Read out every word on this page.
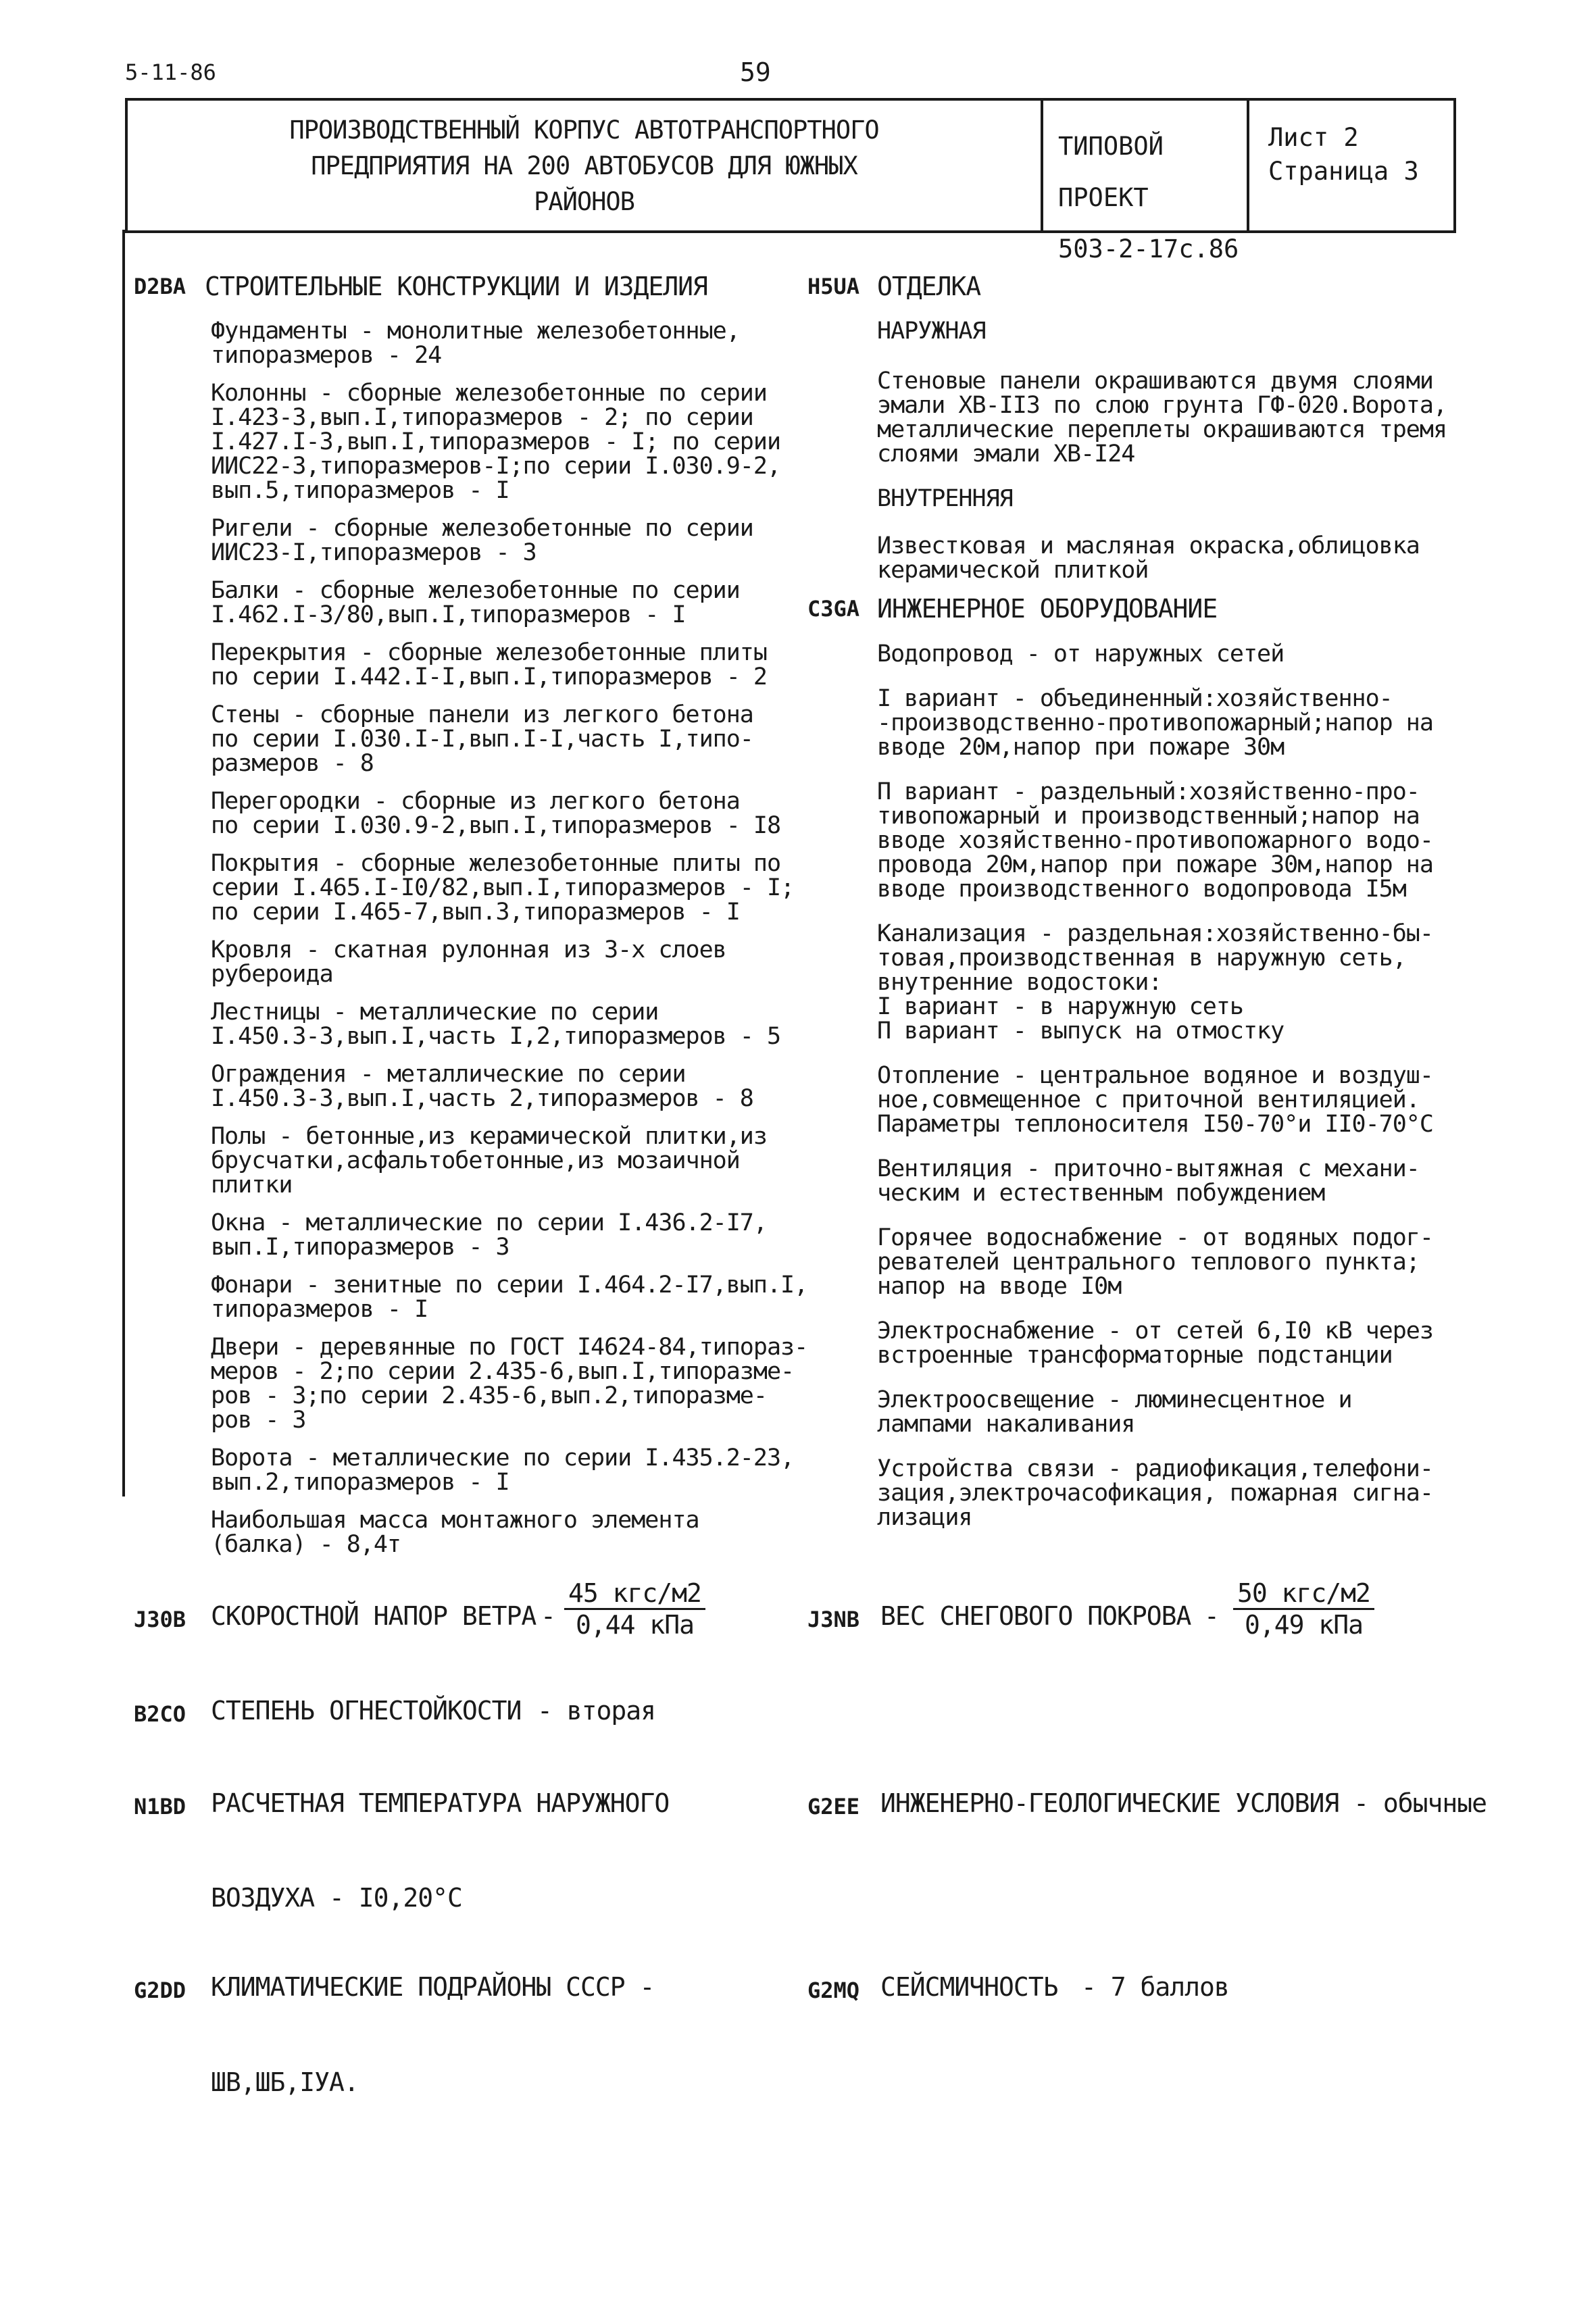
5-11-86	59
ПРОИЗВОДСТВЕННЫЙ КОРПУС АВТОТРАНСПОРТНОГО
ПРЕДПРИЯТИЯ НА 200 АВТОБУСОВ ДЛЯ ЮЖНЫХ
РАЙОНОВ
ТИПОВОЙ ПРОЕКТ
503-2-17с.86
Лист 2
Страница 3
D2BA СТРОИТЕЛЬНЫЕ КОНСТРУКЦИИ И ИЗДЕЛИЯ
Фундаменты - монолитные железобетонные,
типоразмеров - 24
Колонны - сборные железобетонные по серии
I.423-3,вып.I,типоразмеров - 2; по серии
I.427.I-3,вып.I,типоразмеров - I; по серии
ИИС22-3,типоразмеров-I;по серии I.030.9-2,
вып.5,типоразмеров - I
Ригели - сборные железобетонные по серии
ИИС23-I,типоразмеров - 3
Балки - сборные железобетонные по серии
I.462.I-3/80,вып.I,типоразмеров - I
Перекрытия - сборные железобетонные плиты
по серии I.442.I-I,вып.I,типоразмеров - 2
Стены - сборные панели из легкого бетона
по серии I.030.I-I,вып.I-I,часть I,типо-
размеров - 8
Перегородки - сборные из легкого бетона
по серии I.030.9-2,вып.I,типоразмеров - I8
Покрытия - сборные железобетонные плиты по
серии I.465.I-I0/82,вып.I,типоразмеров - I;
по серии I.465-7,вып.3,типоразмеров - I
Кровля - скатная рулонная из 3-х слоев
рубероида
Лестницы - металлические по серии
I.450.3-3,вып.I,часть I,2,типоразмеров - 5
Ограждения - металлические по серии
I.450.3-3,вып.I,часть 2,типоразмеров - 8
Полы - бетонные,из керамической плитки,из
брусчатки,асфальтобетонные,из мозаичной
плитки
Окна - металлические по серии I.436.2-I7,
вып.I,типоразмеров - 3
Фонари - зенитные по серии I.464.2-I7,вып.I,
типоразмеров - I
Двери - деревянные по ГОСТ I4624-84,типораз-
меров - 2;по серии 2.435-6,вып.I,типоразме-
ров - 3;по серии 2.435-6,вып.2,типоразме-
ров - 3
Ворота - металлические по серии I.435.2-23,
вып.2,типоразмеров - I
Наибольшая масса монтажного элемента
(балка) - 8,4т
H5UA ОТДЕЛКА
НАРУЖНАЯ
Стеновые панели окрашиваются двумя слоями
эмали ХВ-II3 по слою грунта ГФ-020.Ворота,
металлические переплеты окрашиваются тремя
слоями эмали ХВ-I24
ВНУТРЕННЯЯ
Известковая и масляная окраска,облицовка
керамической плиткой
C3GA ИНЖЕНЕРНОЕ ОБОРУДОВАНИЕ
Водопровод - от наружных сетей
I вариант - объединенный:хозяйственно-
-производственно-противопожарный;напор на
вводе 20м,напор при пожаре 30м
П вариант - раздельный:хозяйственно-про-
тивопожарный и производственный;напор на
вводе хозяйственно-противопожарного водо-
провода 20м,напор при пожаре 30м,напор на
вводе производственного водопровода I5м
Канализация - раздельная:хозяйственно-бы-
товая,производственная в наружную сеть,
внутренние водостоки:
I вариант - в наружную сеть
П вариант - выпуск на отмостку
Отопление - центральное водяное и воздуш-
ное,совмещенное с приточной вентиляцией.
Параметры теплоносителя I50-70°и II0-70°С
Вентиляция - приточно-вытяжная с механи-
ческим и естественным побуждением
Горячее водоснабжение - от водяных подог-
ревателей центрального теплового пункта;
напор на вводе I0м
Электроснабжение - от сетей 6,I0 кВ через
встроенные трансформаторные подстанции
Электроосвещение - люминесцентное и
лампами накаливания
Устройства связи - радиофикация,телефони-
зация,электрочасофикация, пожарная сигна-
лизация
J30B СКОРОСТНОЙ НАПОР ВЕТРА -
45 кгс/м2
0,44 кПа	J3NB ВЕС СНЕГОВОГО ПОКРОВА -
50 кгс/м2
0,49 кПа
B2CO СТЕПЕНЬ ОГНЕСТОЙКОСТИ - вторая
N1BD РАСЧЕТНАЯ ТЕМПЕРАТУРА НАРУЖНОГО
ВОЗДУХА - I0,20°С
G2EE ИНЖЕНЕРНО-ГЕОЛОГИЧЕСКИЕ УСЛОВИЯ - обычные
G2DD КЛИМАТИЧЕСКИЕ ПОДРАЙОНЫ СССР -
ШВ,ШБ,IУА.
G2MQ СЕЙСМИЧНОСТЬ - 7 баллов
